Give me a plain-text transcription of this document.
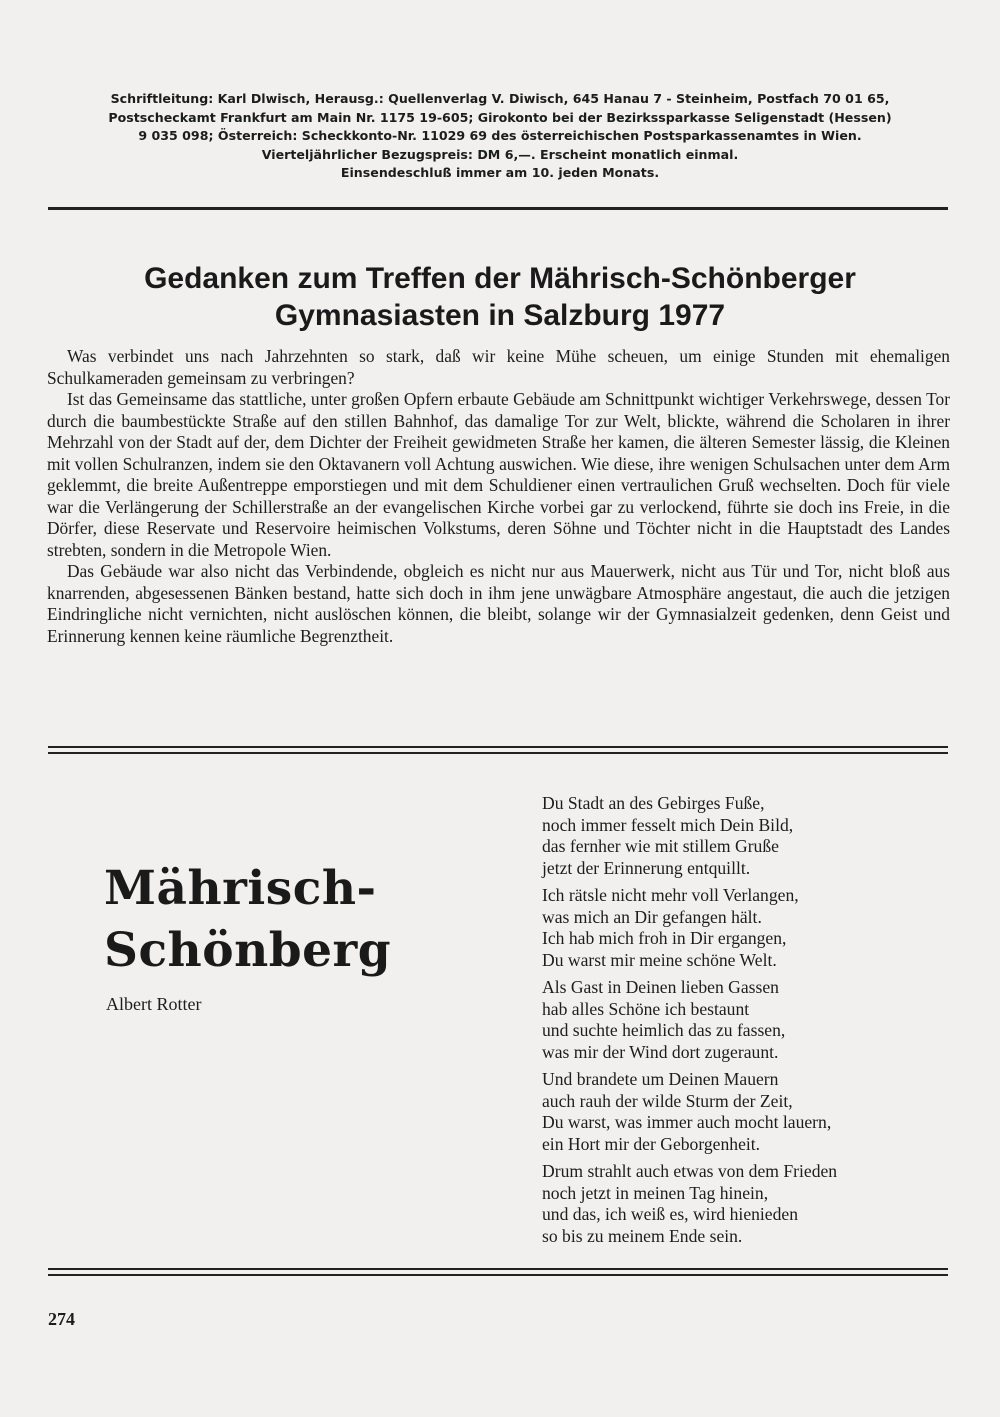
Schriftleitung: Karl Dlwisch, Herausg.: Quellenverlag V. Diwisch, 645 Hanau 7 - Steinheim, Postfach 70 01 65,
Postscheckamt Frankfurt am Main Nr. 1175 19-605; Girokonto bei der Bezirkssparkasse Seligenstadt (Hessen)
9 035 098; Österreich: Scheckkonto-Nr. 11029 69 des österreichischen Postsparkassenamtes in Wien.
Vierteljährlicher Bezugspreis: DM 6,—. Erscheint monatlich einmal.
Einsendeschluß immer am 10. jeden Monats.
Gedanken zum Treffen der Mährisch-Schönberger
Gymnasiasten in Salzburg 1977

Was verbindet uns nach Jahrzehnten so stark, daß wir keine Mühe scheuen, um einige Stunden mit ehemaligen Schulkameraden gemeinsam zu verbringen?

Ist das Gemeinsame das stattliche, unter großen Opfern erbaute Gebäude am Schnittpunkt wichtiger Verkehrswege, dessen Tor durch die baumbestückte Straße auf den stillen Bahnhof, das damalige Tor zur Welt, blickte, während die Scholaren in ihrer Mehrzahl von der Stadt auf der, dem Dichter der Freiheit gewidmeten Straße her kamen, die älteren Semester lässig, die Kleinen mit vollen Schulranzen, indem sie den Oktavanern voll Achtung auswichen. Wie diese, ihre wenigen Schulsachen unter dem Arm geklemmt, die breite Außentreppe emporstiegen und mit dem Schuldiener einen vertraulichen Gruß wechselten. Doch für viele war die Verlängerung der Schillerstraße an der evangelischen Kirche vorbei gar zu verlockend, führte sie doch ins Freie, in die Dörfer, diese Reservate und Reservoire heimischen Volkstums, deren Söhne und Töchter nicht in die Hauptstadt des Landes strebten, sondern in die Metropole Wien.

Das Gebäude war also nicht das Verbindende, obgleich es nicht nur aus Mauerwerk, nicht aus Tür und Tor, nicht bloß aus knarrenden, abgesessenen Bänken bestand, hatte sich doch in ihm jene unwägbare Atmosphäre angestaut, die auch die jetzigen Eindringliche nicht vernichten, nicht auslöschen können, die bleibt, solange wir der Gymnasialzeit gedenken, denn Geist und Erinnerung kennen keine räumliche Begrenztheit.

Mährisch-
Schönberg
Albert Rotter
Du Stadt an des Gebirges Fuße,
noch immer fesselt mich Dein Bild,
das fernher wie mit stillem Gruße
jetzt der Erinnerung entquillt.
Ich rätsle nicht mehr voll Verlangen,
was mich an Dir gefangen hält.
Ich hab mich froh in Dir ergangen,
Du warst mir meine schöne Welt.
Als Gast in Deinen lieben Gassen
hab alles Schöne ich bestaunt
und suchte heimlich das zu fassen,
was mir der Wind dort zugeraunt.
Und brandete um Deinen Mauern
auch rauh der wilde Sturm der Zeit,
Du warst, was immer auch mocht lauern,
ein Hort mir der Geborgenheit.
Drum strahlt auch etwas von dem Frieden
noch jetzt in meinen Tag hinein,
und das, ich weiß es, wird hienieden
so bis zu meinem Ende sein.
274
